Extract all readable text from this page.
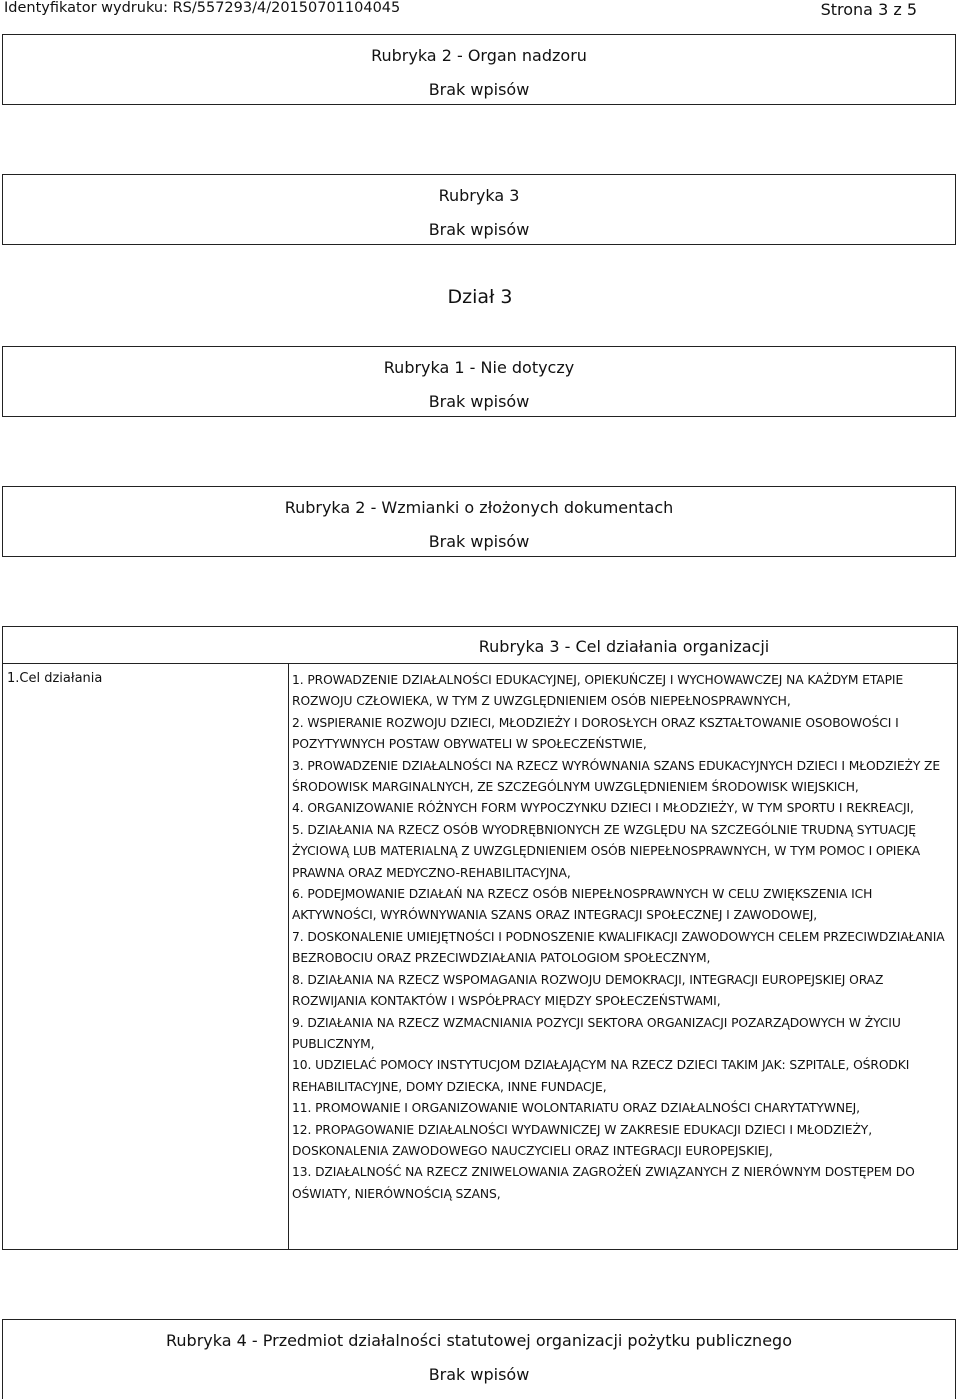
Identyfikator wydruku: RS/557293/4/20150701104045	Strona 3 z 5
Rubryka 2 - Organ nadzoru
Brak wpisów
Rubryka 3
Brak wpisów
Dział 3
Rubryka 1 - Nie dotyczy
Brak wpisów
Rubryka 2 - Wzmianki o złożonych dokumentach
Brak wpisów
Rubryka 3 - Cel działania organizacji
1.Cel działania	1. PROWADZENIE DZIAŁALNOŚCI EDUKACYJNEJ, OPIEKUŃCZEJ I WYCHOWAWCZEJ NA KAŻDYM ETAPIE ROZWOJU CZŁOWIEKA, W TYM Z UWZGLĘDNIENIEM OSÓB NIEPEŁNOSPRAWNYCH,

2. WSPIERANIE ROZWOJU DZIECI, MŁODZIEŻY I DOROSŁYCH ORAZ KSZTAŁTOWANIE OSOBOWOŚCI I POZYTYWNYCH POSTAW OBYWATELI W SPOŁECZEŃSTWIE,

3. PROWADZENIE DZIAŁALNOŚCI NA RZECZ WYRÓWNANIA SZANS EDUKACYJNYCH DZIECI I MŁODZIEŻY ZE ŚRODOWISK MARGINALNYCH, ZE SZCZEGÓLNYM UWZGLĘDNIENIEM ŚRODOWISK WIEJSKICH,

4. ORGANIZOWANIE RÓŻNYCH FORM WYPOCZYNKU DZIECI I MŁODZIEŻY, W TYM SPORTU I REKREACJI,

5. DZIAŁANIA NA RZECZ OSÓB WYODRĘBNIONYCH ZE WZGLĘDU NA SZCZEGÓLNIE TRUDNĄ SYTUACJĘ ŻYCIOWĄ LUB MATERIALNĄ Z UWZGLĘDNIENIEM OSÓB NIEPEŁNOSPRAWNYCH, W TYM POMOC I OPIEKA PRAWNA ORAZ MEDYCZNO-REHABILITACYJNA,

6. PODEJMOWANIE DZIAŁAŃ NA RZECZ OSÓB NIEPEŁNOSPRAWNYCH W CELU ZWIĘKSZENIA ICH AKTYWNOŚCI, WYRÓWNYWANIA SZANS ORAZ INTEGRACJI SPOŁECZNEJ I ZAWODOWEJ,

7. DOSKONALENIE UMIEJĘTNOŚCI I PODNOSZENIE KWALIFIKACJI ZAWODOWYCH CELEM PRZECIWDZIAŁANIA BEZROBOCIU ORAZ PRZECIWDZIAŁANIA PATOLOGIOM SPOŁECZNYM,

8. DZIAŁANIA NA RZECZ WSPOMAGANIA ROZWOJU DEMOKRACJI, INTEGRACJI EUROPEJSKIEJ ORAZ ROZWIJANIA KONTAKTÓW I WSPÓŁPRACY MIĘDZY SPOŁECZEŃSTWAMI,

9. DZIAŁANIA NA RZECZ WZMACNIANIA POZYCJI SEKTORA ORGANIZACJI POZARZĄDOWYCH W ŻYCIU PUBLICZNYM,

10. UDZIELAĆ POMOCY INSTYTUCJOM DZIAŁAJĄCYM NA RZECZ DZIECI TAKIM JAK: SZPITALE, OŚRODKI REHABILITACYJNE, DOMY DZIECKA, INNE FUNDACJE,

11. PROMOWANIE I ORGANIZOWANIE WOLONTARIATU ORAZ DZIAŁALNOŚCI CHARYTATYWNEJ,

12. PROPAGOWANIE DZIAŁALNOŚCI WYDAWNICZEJ W ZAKRESIE EDUKACJI DZIECI I MŁODZIEŻY, DOSKONALENIA ZAWODOWEGO NAUCZYCIELI ORAZ INTEGRACJI EUROPEJSKIEJ,

13. DZIAŁALNOŚĆ NA RZECZ ZNIWELOWANIA ZAGROŻEŃ ZWIĄZANYCH Z NIERÓWNYM DOSTĘPEM DO OŚWIATY, NIERÓWNOŚCIĄ SZANS,

Rubryka 4 - Przedmiot działalności statutowej organizacji pożytku publicznego
Brak wpisów
